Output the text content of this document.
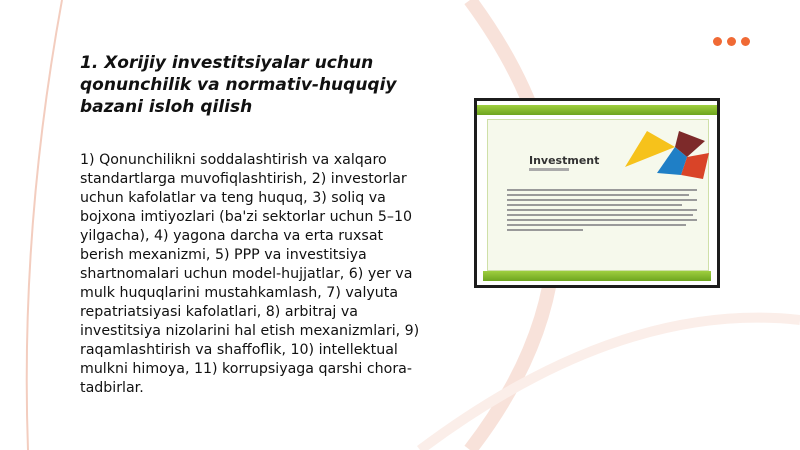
1. Xorijiy investitsiyalar uchun qonunchilik va normativ-huquqiy bazani isloh qilish
1) Qonunchilikni soddalashtirish va xalqaro standartlarga muvofiqlashtirish, 2) investorlar uchun kafolatlar va teng huquq, 3) soliq va bojxona imtiyozlari (ba'zi sektorlar uchun 5–10 yilgacha), 4) yagona darcha va erta ruxsat berish mexanizmi, 5) PPP va investitsiya shartnomalari uchun model-hujjatlar, 6) yer va mulk huquqlarini mustahkamlash, 7) valyuta repatriatsiyasi kafolatlari, 8) arbitraj va investitsiya nizolarini hal etish mexanizmlari, 9) raqamlashtirish va shaffoflik, 10) intellektual mulkni himoya, 11) korrupsiyaga qarshi chora-tadbirlar.
Investment
